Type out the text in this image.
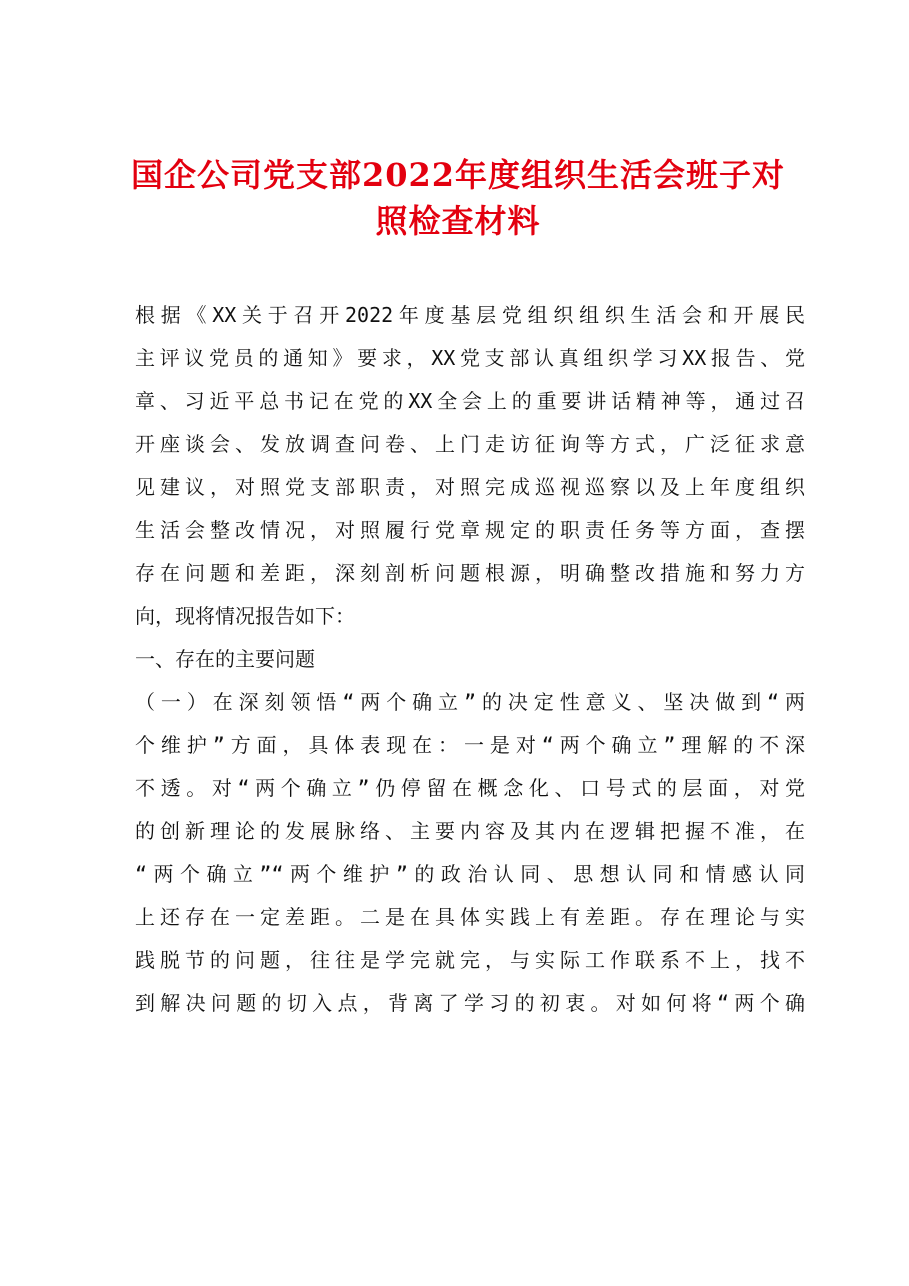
国企公司党支部2022年度组织生活会班子对
照检查材料
根据《XX关于召开2022年度基层党组织组织生活会和开展民
主评议党员的通知》要求，XX党支部认真组织学习XX报告、党
章、习近平总书记在党的XX全会上的重要讲话精神等，通过召
开座谈会、发放调查问卷、上门走访征询等方式，广泛征求意
见建议，对照党支部职责，对照完成巡视巡察以及上年度组织
生活会整改情况，对照履行党章规定的职责任务等方面，查摆
存在问题和差距，深刻剖析问题根源，明确整改措施和努力方
向，现将情况报告如下：
一、存在的主要问题
（一）在深刻领悟“两个确立”的决定性意义、坚决做到“两
个维护”方面，具体表现在：一是对“两个确立”理解的不深
不透。对“两个确立”仍停留在概念化、口号式的层面，对党
的创新理论的发展脉络、主要内容及其内在逻辑把握不准，在
“两个确立”“两个维护”的政治认同、思想认同和情感认同
上还存在一定差距。二是在具体实践上有差距。存在理论与实
践脱节的问题，往往是学完就完，与实际工作联系不上，找不
到解决问题的切入点，背离了学习的初衷。对如何将“两个确
